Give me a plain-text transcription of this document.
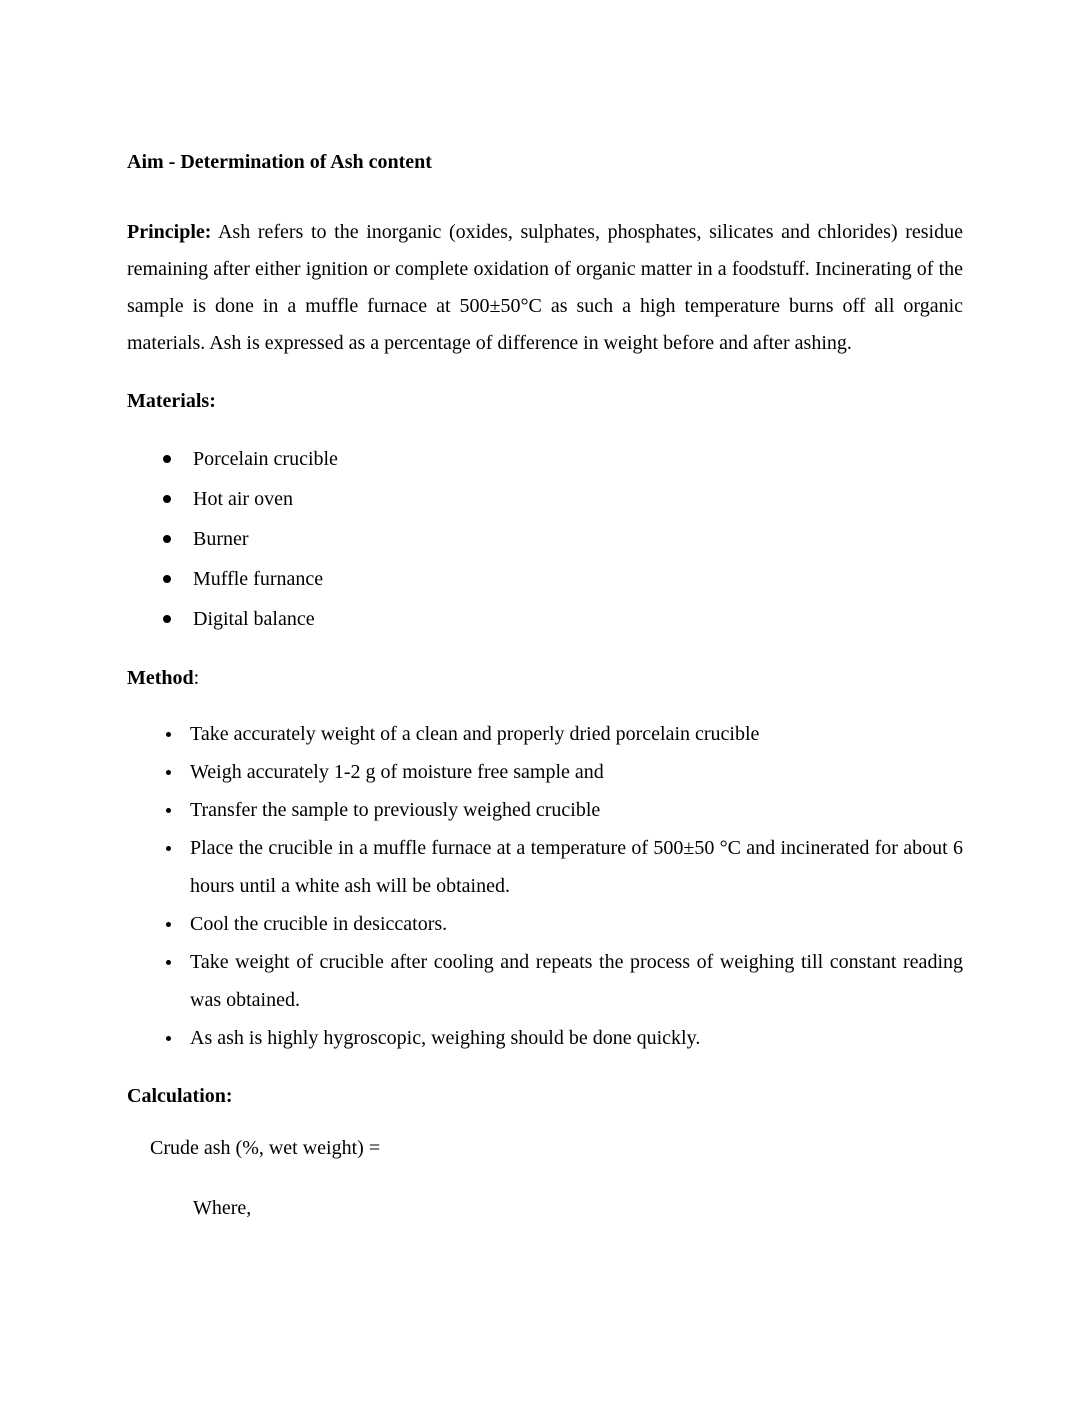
Aim - Determination of Ash content

Principle: Ash refers to the inorganic (oxides, sulphates, phosphates, silicates and chlorides) residue remaining after either ignition or complete oxidation of organic matter in a foodstuff. Incinerating of the sample is done in a muffle furnace at 500±50°C as such a high temperature burns off all organic materials. Ash is expressed as a percentage of difference in weight before and after ashing.

Materials:
Porcelain crucible
Hot air oven
Burner
Muffle furnance
Digital balance
Method:
Take accurately weight of a clean and properly dried porcelain crucible
Weigh accurately 1-2 g of moisture free sample and
Transfer the sample to previously weighed crucible
Place the crucible in a muffle furnace at a temperature of 500±50 °C and incinerated for about 6 hours until a white ash will be obtained.
Cool the crucible in desiccators.
Take weight of crucible after cooling and repeats the process of weighing till constant reading was obtained.
As ash is highly hygroscopic, weighing should be done quickly.
Calculation:

Crude ash (%, wet weight) =

Where,
